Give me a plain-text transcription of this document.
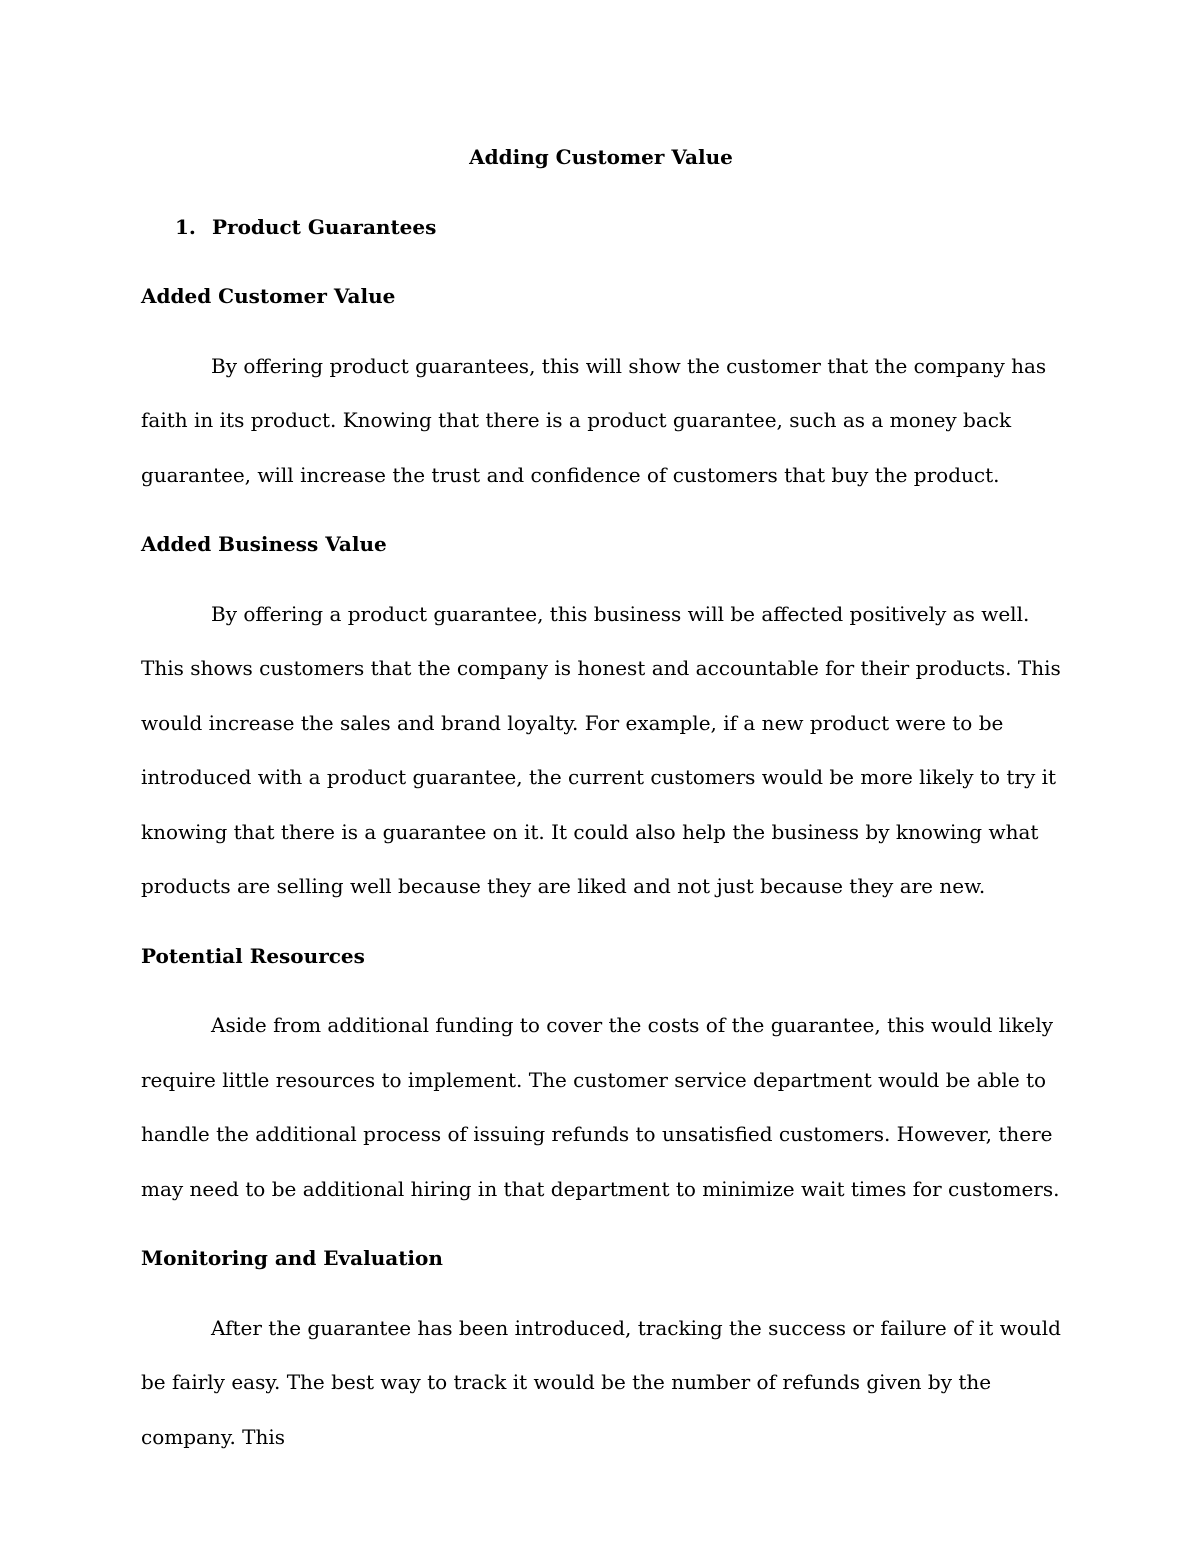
Adding Customer Value
1. Product Guarantees
Added Customer Value

By offering product guarantees, this will show the customer that the company has faith in its product. Knowing that there is a product guarantee, such as a money back guarantee, will increase the trust and confidence of customers that buy the product.

Added Business Value

By offering a product guarantee, this business will be affected positively as well. This shows customers that the company is honest and accountable for their products. This would increase the sales and brand loyalty. For example, if a new product were to be introduced with a product guarantee, the current customers would be more likely to try it knowing that there is a guarantee on it. It could also help the business by knowing what products are selling well because they are liked and not just because they are new.

Potential Resources

Aside from additional funding to cover the costs of the guarantee, this would likely require little resources to implement. The customer service department would be able to handle the additional process of issuing refunds to unsatisfied customers. However, there may need to be additional hiring in that department to minimize wait times for customers.

Monitoring and Evaluation

After the guarantee has been introduced, tracking the success or failure of it would be fairly easy. The best way to track it would be the number of refunds given by the company. This
